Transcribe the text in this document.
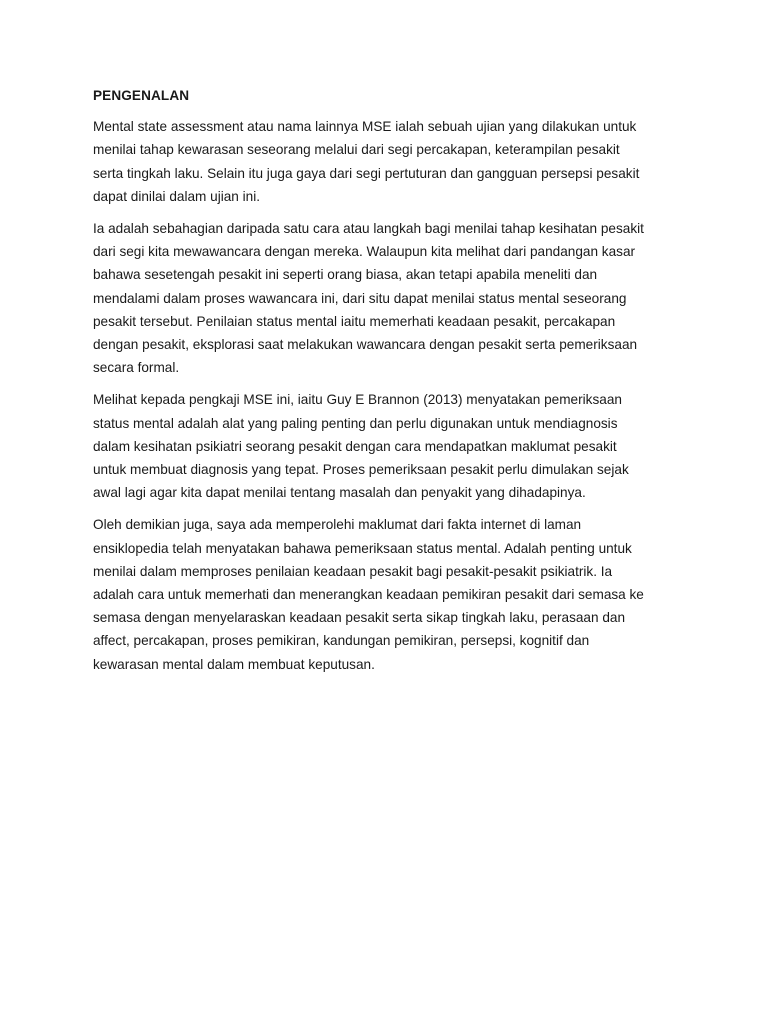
PENGENALAN
Mental state assessment atau nama lainnya MSE ialah sebuah ujian yang dilakukan untuk
menilai tahap kewarasan seseorang melalui dari segi percakapan, keterampilan pesakit
serta tingkah laku. Selain itu juga gaya dari segi pertuturan dan gangguan persepsi pesakit
dapat dinilai dalam ujian ini.
Ia adalah sebahagian daripada satu cara atau langkah bagi menilai tahap kesihatan pesakit
dari segi kita mewawancara dengan mereka. Walaupun kita melihat dari pandangan kasar
bahawa sesetengah pesakit ini seperti orang biasa, akan tetapi apabila meneliti dan
mendalami dalam proses wawancara ini, dari situ dapat menilai status mental seseorang
pesakit tersebut. Penilaian status mental iaitu memerhati keadaan pesakit, percakapan
dengan pesakit, eksplorasi saat melakukan wawancara dengan pesakit serta pemeriksaan
secara formal.
Melihat kepada pengkaji MSE ini, iaitu Guy E Brannon (2013) menyatakan pemeriksaan
status mental adalah alat yang paling penting dan perlu digunakan untuk mendiagnosis
dalam kesihatan psikiatri seorang pesakit dengan cara mendapatkan maklumat pesakit
untuk membuat diagnosis yang tepat. Proses pemeriksaan pesakit perlu dimulakan sejak
awal lagi agar kita dapat menilai tentang masalah dan penyakit yang dihadapinya.
Oleh demikian juga, saya ada memperolehi maklumat dari fakta internet di laman
ensiklopedia telah menyatakan bahawa pemeriksaan status mental. Adalah penting untuk
menilai dalam memproses penilaian keadaan pesakit bagi pesakit-pesakit psikiatrik. Ia
adalah cara untuk memerhati dan menerangkan keadaan pemikiran pesakit dari semasa ke
semasa dengan menyelaraskan keadaan pesakit serta sikap tingkah laku, perasaan dan
affect, percakapan, proses pemikiran, kandungan pemikiran, persepsi, kognitif dan
kewarasan mental dalam membuat keputusan.
